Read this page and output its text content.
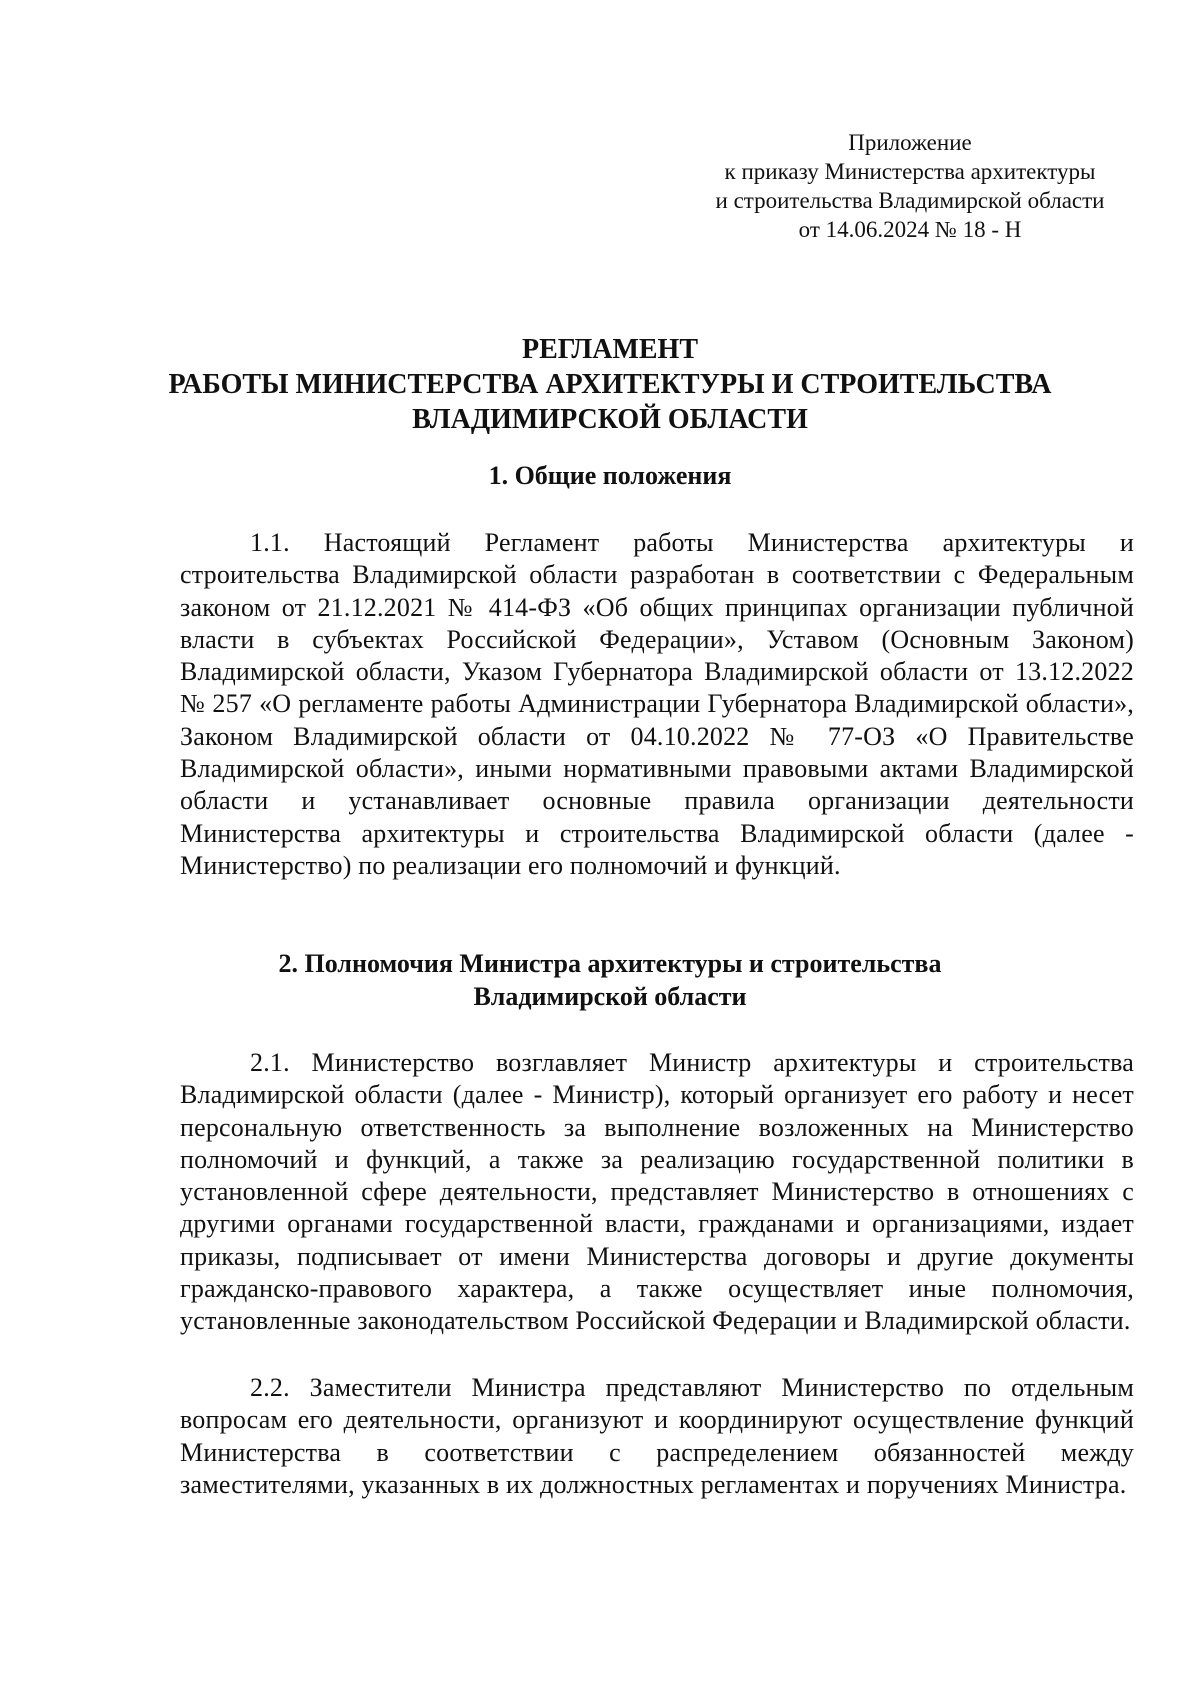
Приложение
к приказу Министерства архитектуры
и строительства Владимирской области
от 14.06.2024 № 18 - Н
РЕГЛАМЕНТ
РАБОТЫ МИНИСТЕРСТВА АРХИТЕКТУРЫ И СТРОИТЕЛЬСТВА
ВЛАДИМИРСКОЙ ОБЛАСТИ
1. Общие положения

1.1. Настоящий Регламент работы Министерства архитектуры и строительства Владимирской области разработан в соответствии с Федеральным законом от 21.12.2021 № 414-ФЗ «Об общих принципах организации публичной власти в субъектах Российской Федерации», Уставом (Основным Законом) Владимирской области, Указом Губернатора Владимирской области от 13.12.2022 № 257 «О регламенте работы Администрации Губернатора Владимирской области», Законом Владимирской области от 04.10.2022 № 77-ОЗ «О Правительстве Владимирской области», иными нормативными правовыми актами Владимирской области и устанавливает основные правила организации деятельности Министерства архитектуры и строительства Владимирской области (далее - Министерство) по реализации его полномочий и функций.

2. Полномочия Министра архитектуры и строительства
Владимирской области

2.1. Министерство возглавляет Министр архитектуры и строительства Владимирской области (далее - Министр), который организует его работу и несет персональную ответственность за выполнение возложенных на Министерство полномочий и функций, а также за реализацию государственной политики в установленной сфере деятельности, представляет Министерство в отношениях с другими органами государственной власти, гражданами и организациями, издает приказы, подписывает от имени Министерства договоры и другие документы гражданско-правового характера, а также осуществляет иные полномочия, установленные законодательством Российской Федерации и Владимирской области.

2.2. Заместители Министра представляют Министерство по отдельным вопросам его деятельности, организуют и координируют осуществление функций Министерства в соответствии с распределением обязанностей между заместителями, указанных в их должностных регламентах и поручениях Министра.
